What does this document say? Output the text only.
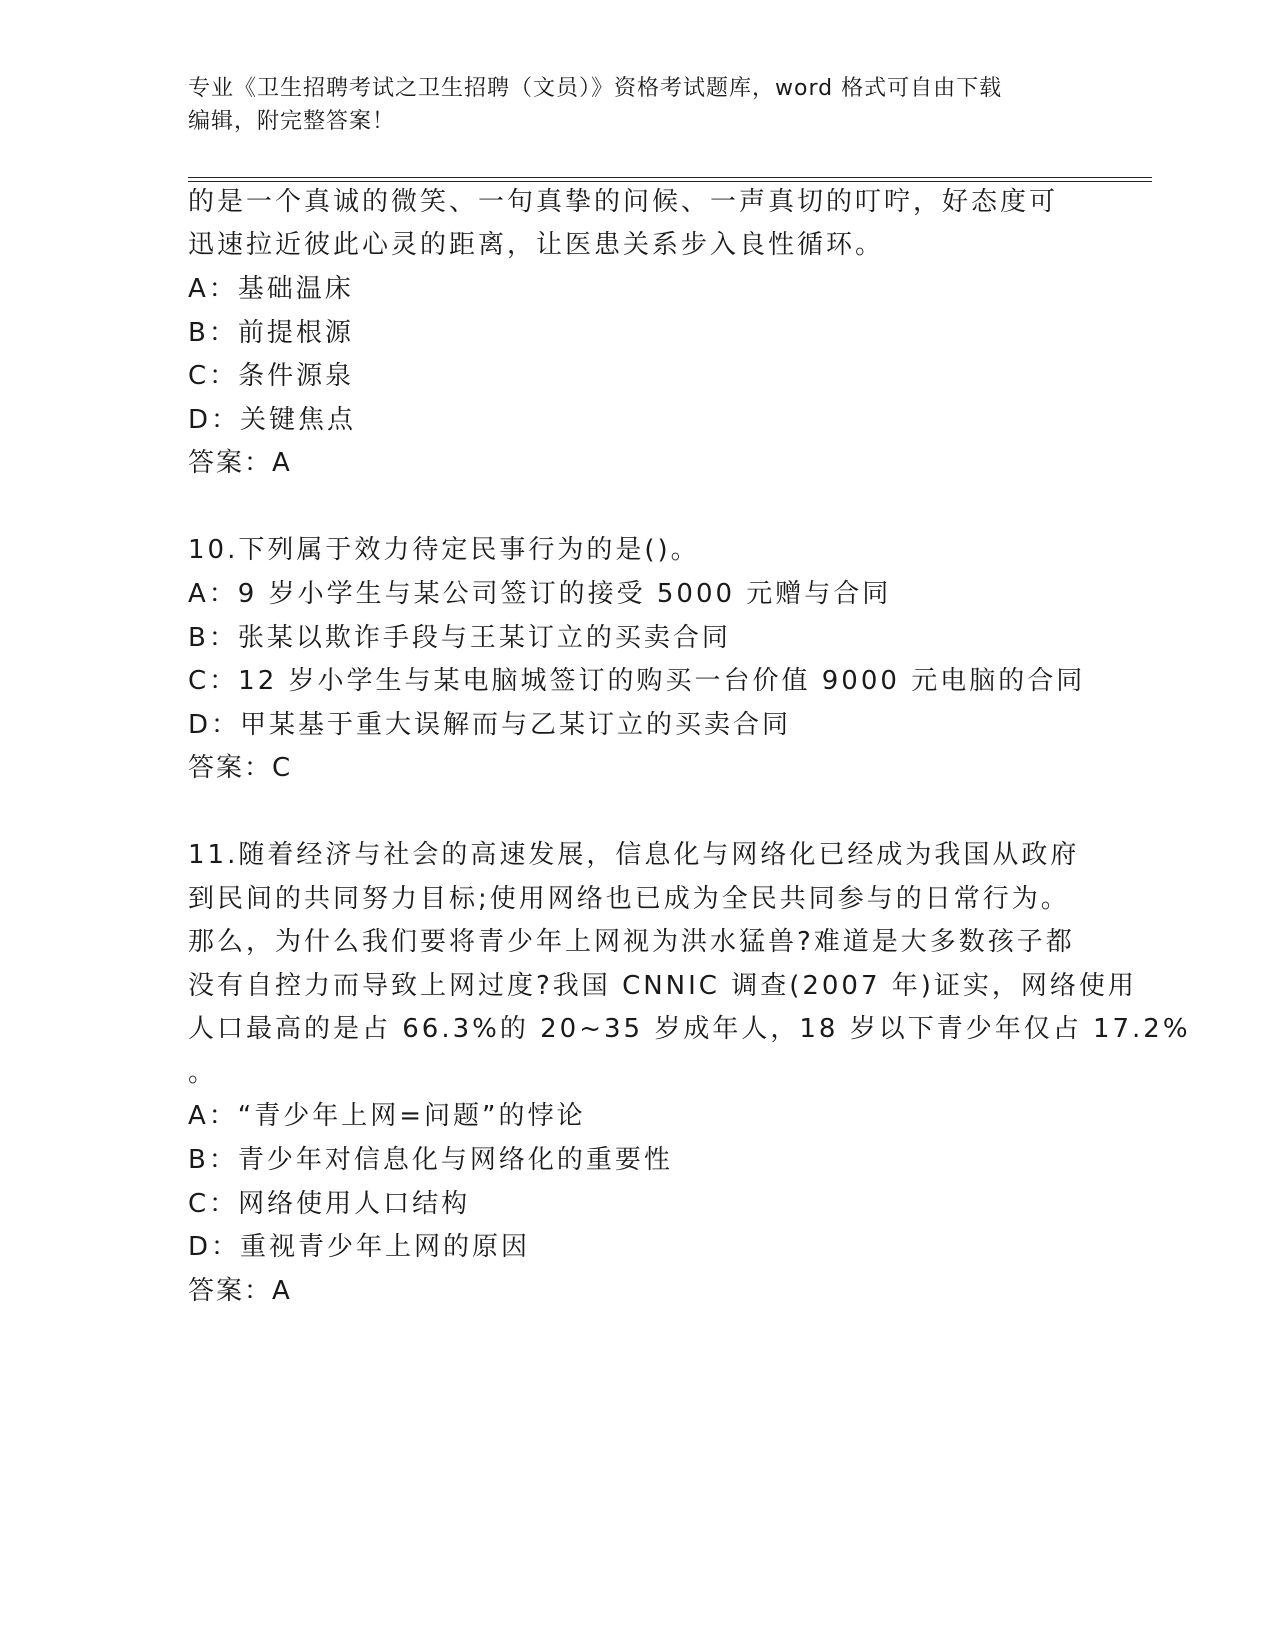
专业《卫生招聘考试之卫生招聘（文员）》资格考试题库，word 格式可自由下载
编辑，附完整答案！
的是一个真诚的微笑、一句真挚的问候、一声真切的叮咛，好态度可
迅速拉近彼此心灵的距离，让医患关系步入良性循环。
A：基础温床
B：前提根源
C：条件源泉
D：关键焦点
答案：A
10.下列属于效力待定民事行为的是()。
A：9 岁小学生与某公司签订的接受 5000 元赠与合同
B：张某以欺诈手段与王某订立的买卖合同
C：12 岁小学生与某电脑城签订的购买一台价值 9000 元电脑的合同
D：甲某基于重大误解而与乙某订立的买卖合同
答案：C
11.随着经济与社会的高速发展，信息化与网络化已经成为我国从政府
到民间的共同努力目标;使用网络也已成为全民共同参与的日常行为。
那么，为什么我们要将青少年上网视为洪水猛兽?难道是大多数孩子都
没有自控力而导致上网过度?我国 CNNIC 调查(2007 年)证实，网络使用
人口最高的是占 66.3%的 20~35 岁成年人，18 岁以下青少年仅占 17.2%
。
A：“青少年上网=问题”的悖论
B：青少年对信息化与网络化的重要性
C：网络使用人口结构
D：重视青少年上网的原因
答案：A
